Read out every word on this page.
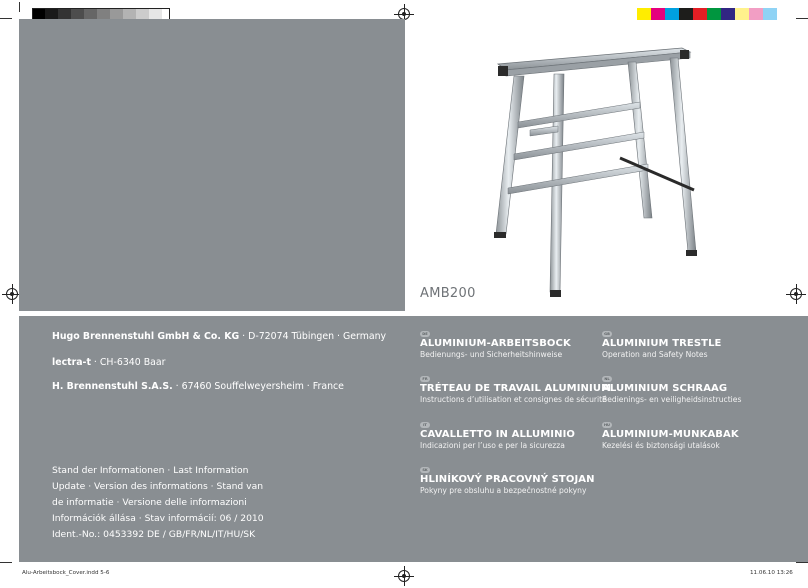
AMB200
Hugo Brennenstuhl GmbH & Co. KG · D-72074 Tübingen · Germany
lectra-t · CH-6340 Baar
H. Brennenstuhl S.A.S. · 67460 Souffelweyersheim · France
Stand der Informationen · Last Information
Update · Version des informations · Stand van
de informatie · Versione delle informazioni
Információk állása · Stav informácií: 06 / 2010
Ident.-No.: 0453392 DE / GB/FR/NL/IT/HU/SK
DE
ALUMINIUM-ARBEITSBOCK
Bedienungs- und Sicherheitshinweise
GB
ALUMINIUM TRESTLE
Operation and Safety Notes
FR
TRÉTEAU DE TRAVAIL ALUMINIUM
Instructions d’utilisation et consignes de sécurité
NL
ALUMINIUM SCHRAAG
Bedienings- en veiligheidsinstructies
IT
CAVALLETTO IN ALLUMINIO
Indicazioni per l’uso e per la sicurezza
HU
ALUMINIUM-MUNKABAK
Kezelési és biztonsági utalások
SK
HLINÍKOVÝ PRACOVNÝ STOJAN
Pokyny pre obsluhu a bezpečnostné pokyny
Alu-Arbeitsbock_Cover.indd 5-6	11.06.10 13:26
